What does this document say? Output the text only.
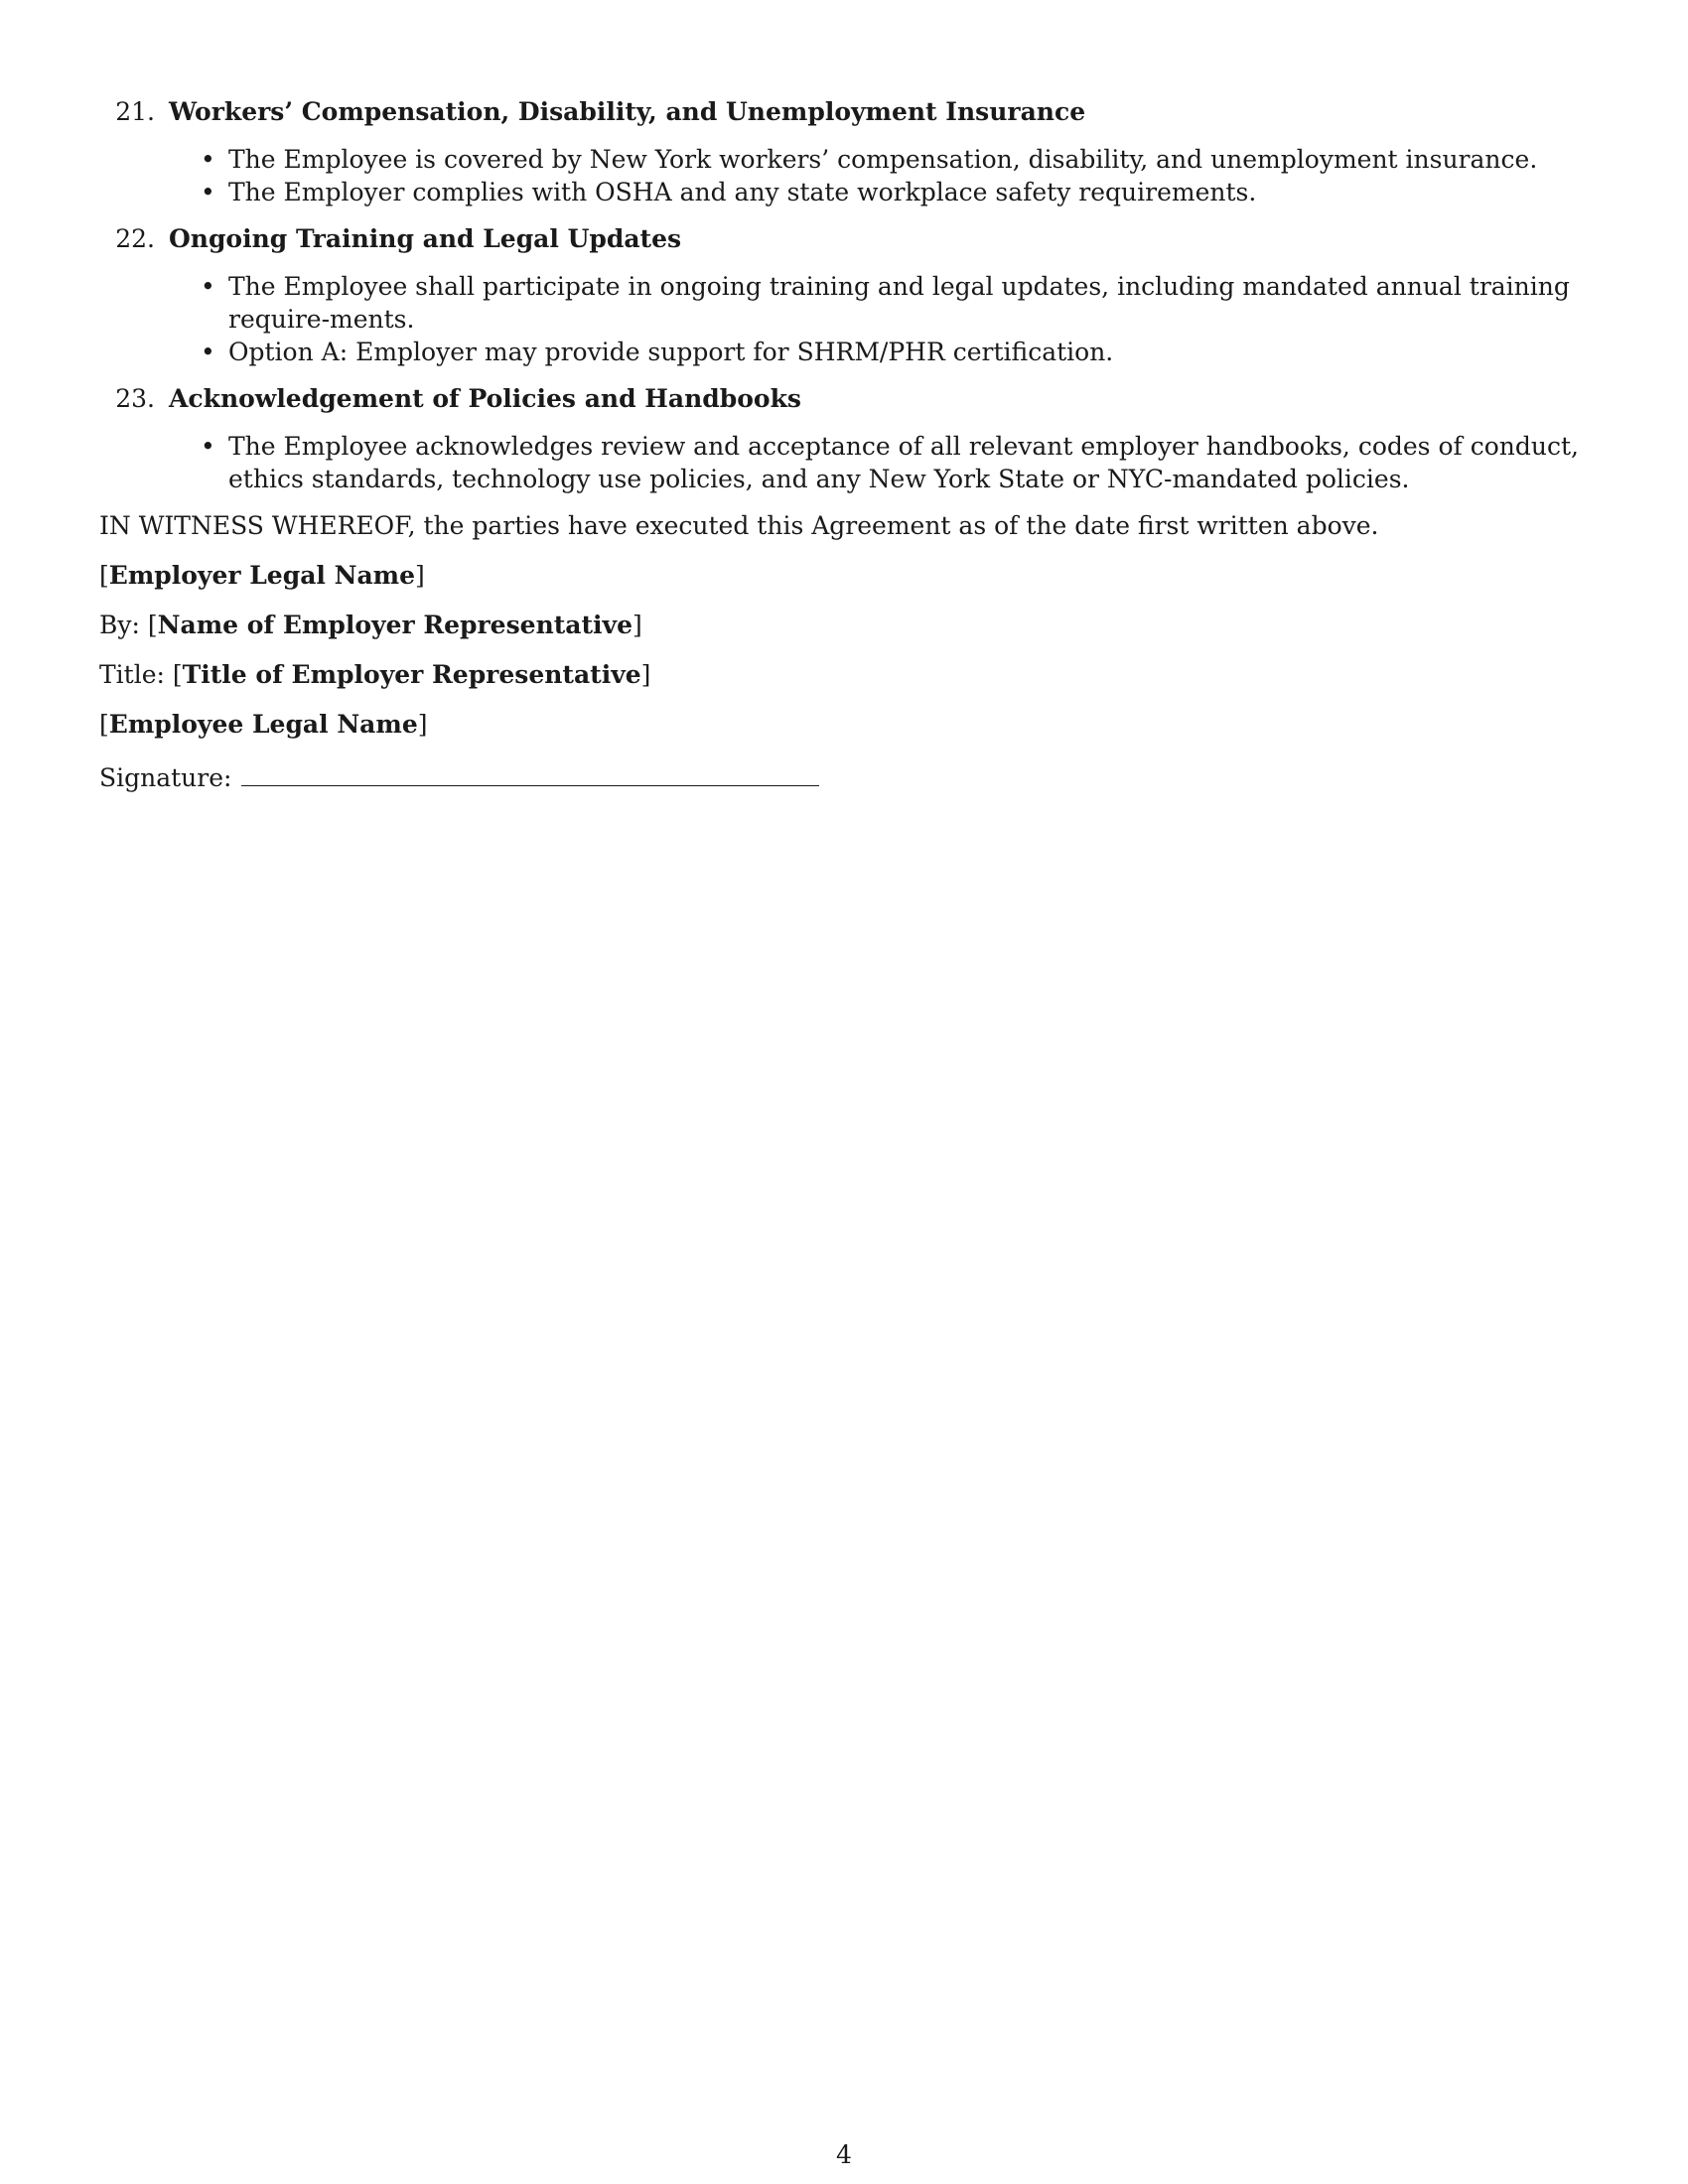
21. Workers’ Compensation, Disability, and Unemployment Insurance
• The Employee is covered by New York workers’ compensation, disability, and unemployment insurance.
• The Employer complies with OSHA and any state workplace safety requirements.
22. Ongoing Training and Legal Updates
• The Employee shall participate in ongoing training and legal updates, including mandated annual training require-ments.
• Option A: Employer may provide support for SHRM/PHR certification.
23. Acknowledgement of Policies and Handbooks
• The Employee acknowledges review and acceptance of all relevant employer handbooks, codes of conduct, ethics standards, technology use policies, and any New York State or NYC-mandated policies.

IN WITNESS WHEREOF, the parties have executed this Agreement as of the date first written above.

[Employer Legal Name]

By: [Name of Employer Representative]

Title: [Title of Employer Representative]

[Employee Legal Name]

Signature:

4
